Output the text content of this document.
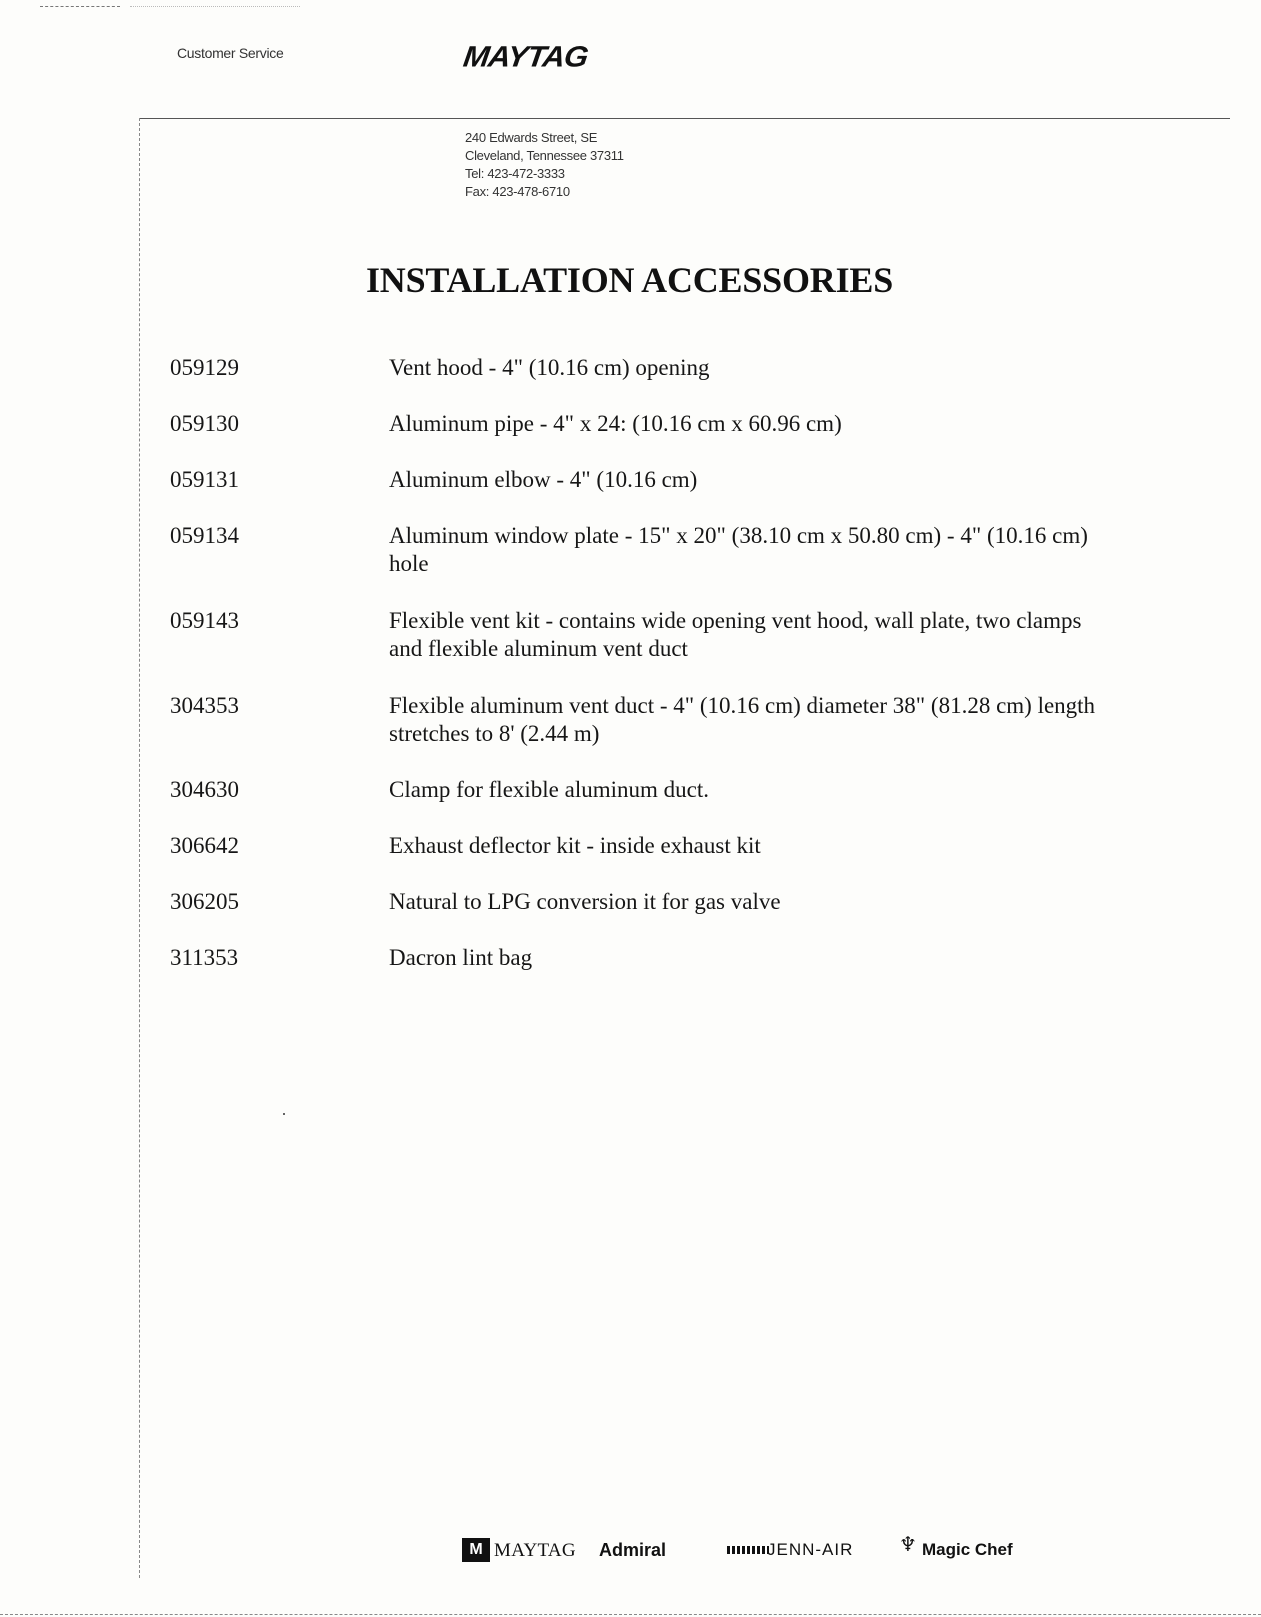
Customer Service	MAYTAG
240 Edwards Street, SE
Cleveland, Tennessee 37311
Tel: 423-472-3333
Fax: 423-478-6710
INSTALLATION ACCESSORIES
059129	Vent hood - 4" (10.16 cm) opening
059130	Aluminum pipe - 4" x 24: (10.16 cm x 60.96 cm)
059131	Aluminum elbow - 4" (10.16 cm)
059134	Aluminum window plate - 15" x 20" (38.10 cm x 50.80 cm) - 4" (10.16 cm) hole
059143	Flexible vent kit - contains wide opening vent hood, wall plate, two clamps and flexible aluminum vent duct
304353	Flexible aluminum vent duct - 4" (10.16 cm) diameter 38" (81.28 cm) length stretches to 8' (2.44 m)
304630	Clamp for flexible aluminum duct.
306642	Exhaust deflector kit - inside exhaust kit
306205	Natural to LPG conversion it for gas valve
311353	Dacron lint bag
M MAYTAG Admiral	JENN-AIR ♆ Magic Chef
